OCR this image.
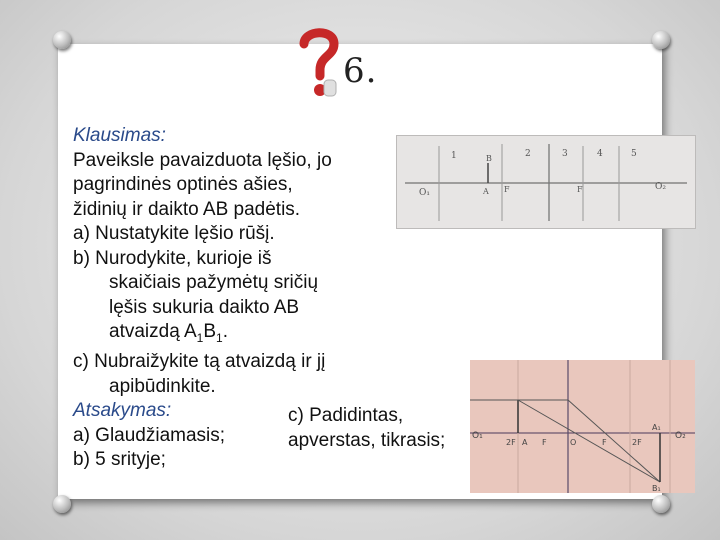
6.
Klausimas:
Paveiksle pavaizduota lęšio, jo
pagrindinės optinės ašies,
židinių ir daikto AB padėtis.
a) Nustatykite lęšio rūšį.
b) Nurodykite, kurioje iš
skaičiais pažymėtų sričių
lęšis sukuria daikto AB
atvaizdą $A_1B_1$.
c) Nubraižykite tą atvaizdą ir jį
apibūdinkite.
Atsakymas:
a) Glaudžiamasis;
b) 5 srityje;
c) Padidintas,
apverstas, tikrasis;
1	2	3	4	5
O₁
O₂
B
A F	F
O₁
2F A F	O	F	2F
A₁
O₂
B₁
